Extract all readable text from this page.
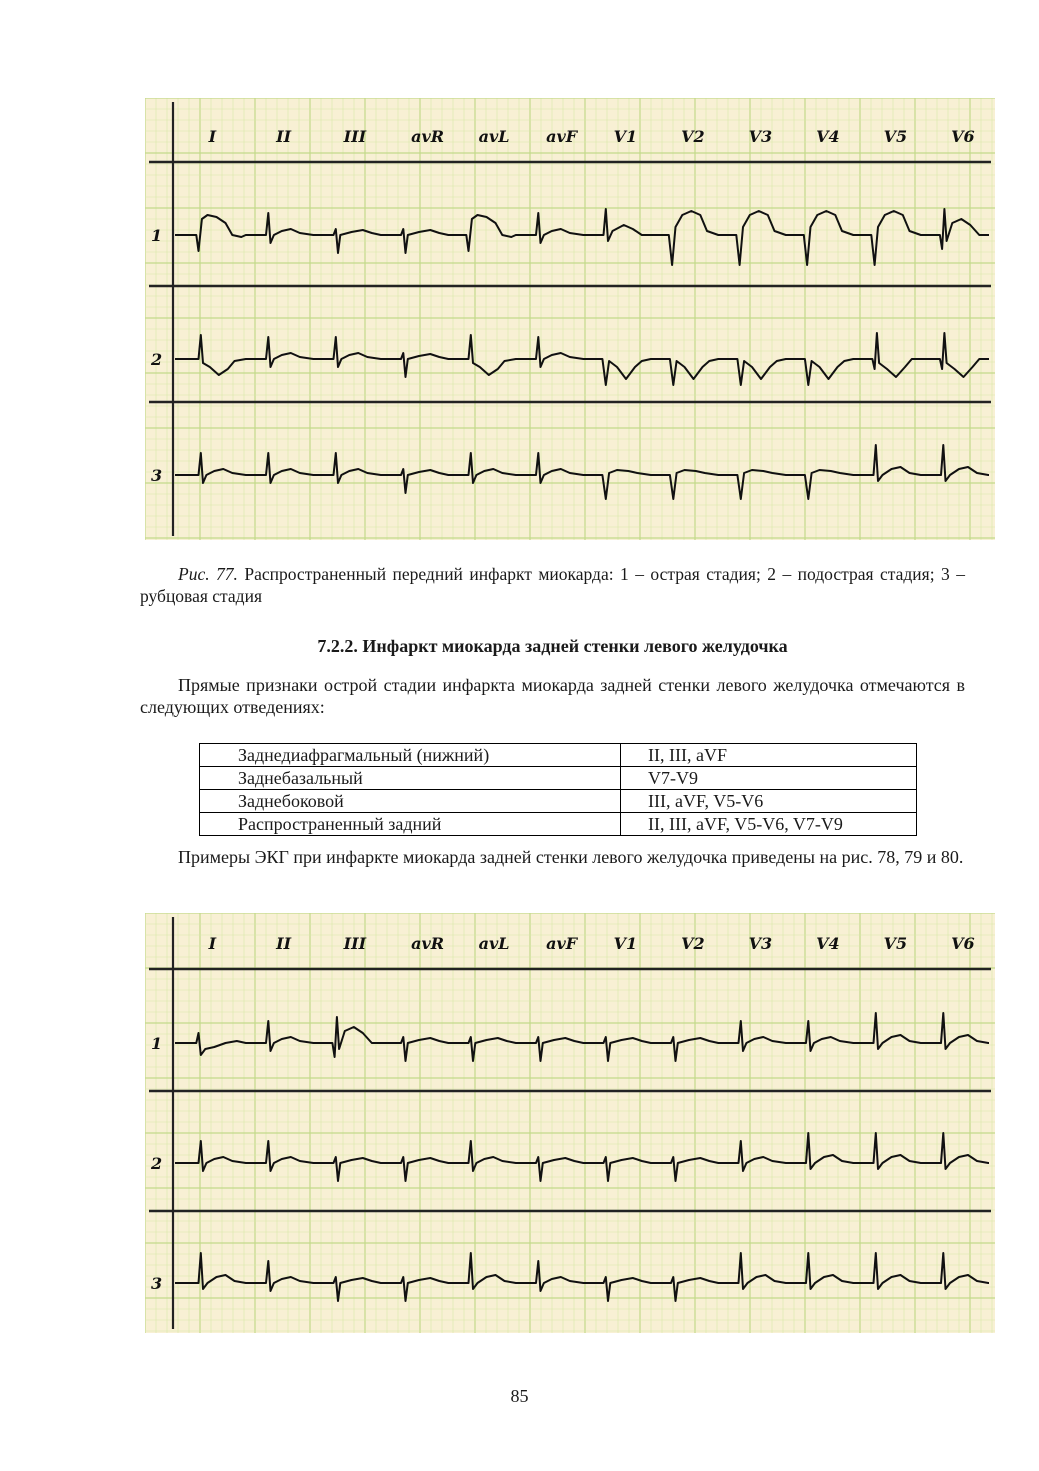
I	II	III	avR avL avF V1	V2	V3	V4	V5	V6
1
2
3
Рис. 77. Распространенный передний инфаркт миокарда: 1 – острая стадия; 2 – подострая стадия; 3 – рубцовая стадия
7.2.2. Инфаркт миокарда задней стенки левого желудочка
Прямые признаки острой стадии инфаркта миокарда задней стенки левого желудочка отмечаются в следующих отведениях:
Заднедиафрагмальный (нижний)	II, III, aVF
Заднебазальный	V7-V9
Заднебоковой	III, aVF, V5-V6
Распространенный задний	II, III, aVF, V5-V6, V7-V9
Примеры ЭКГ при инфаркте миокарда задней стенки левого желудочка приведены на рис. 78, 79 и 80.
I	II	III	avR avL avF V1	V2	V3	V4	V5	V6
1
2
3
85
